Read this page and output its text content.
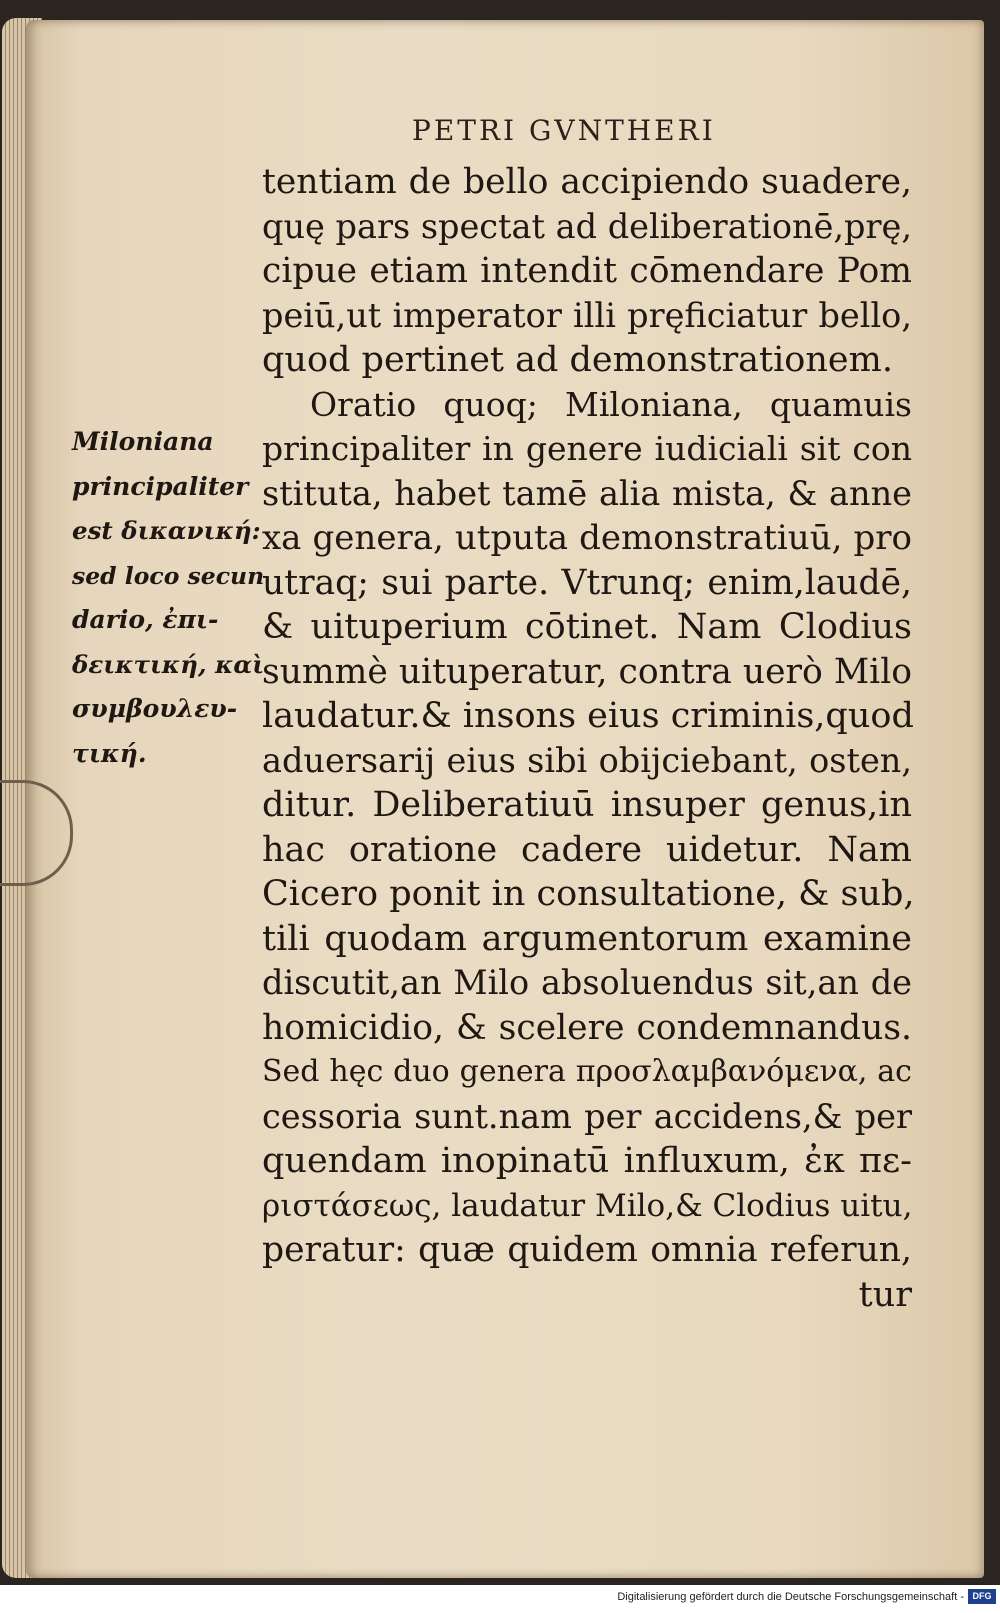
PETRI GVNTHERI
Miloniana
principaliter
est δικανική:
sed loco secun
dario, ἐπι-
δεικτική, καὶ
συμβουλευ-
τική.
tentiam de bello accipiendo suadere,
quę pars spectat ad deliberationē,prę,
cipue etiam intendit cōmendare Pom
peiū,ut imperator illi pręficiatur bello,
quod pertinet ad demonstrationem.
Oratio quoq; Miloniana, quamuis
principaliter in genere iudiciali sit con
stituta, habet tamē alia mista, & anne
xa genera, utputa demonstratiuū, pro
utraq; sui parte. Vtrunq; enim,laudē,
& uituperium cōtinet. Nam Clodius
summè uituperatur, contra uerò Milo
laudatur.& insons eius criminis,quod
aduersarij eius sibi obijciebant, osten,
ditur. Deliberatiuū insuper genus,in
hac oratione cadere uidetur. Nam
Cicero ponit in consultatione, & sub,
tili quodam argumentorum examine
discutit,an Milo absoluendus sit,an de
homicidio, & scelere condemnandus.
Sed hęc duo genera προσλαμβανόμενα, ac
cessoria sunt.nam per accidens,& per
quendam inopinatū influxum, ἐκ πε-
ριστάσεως, laudatur Milo,& Clodius uitu,
peratur: quæ quidem omnia referun,
tur
Digitalisierung gefördert durch die Deutsche Forschungsgemeinschaft - DFG
